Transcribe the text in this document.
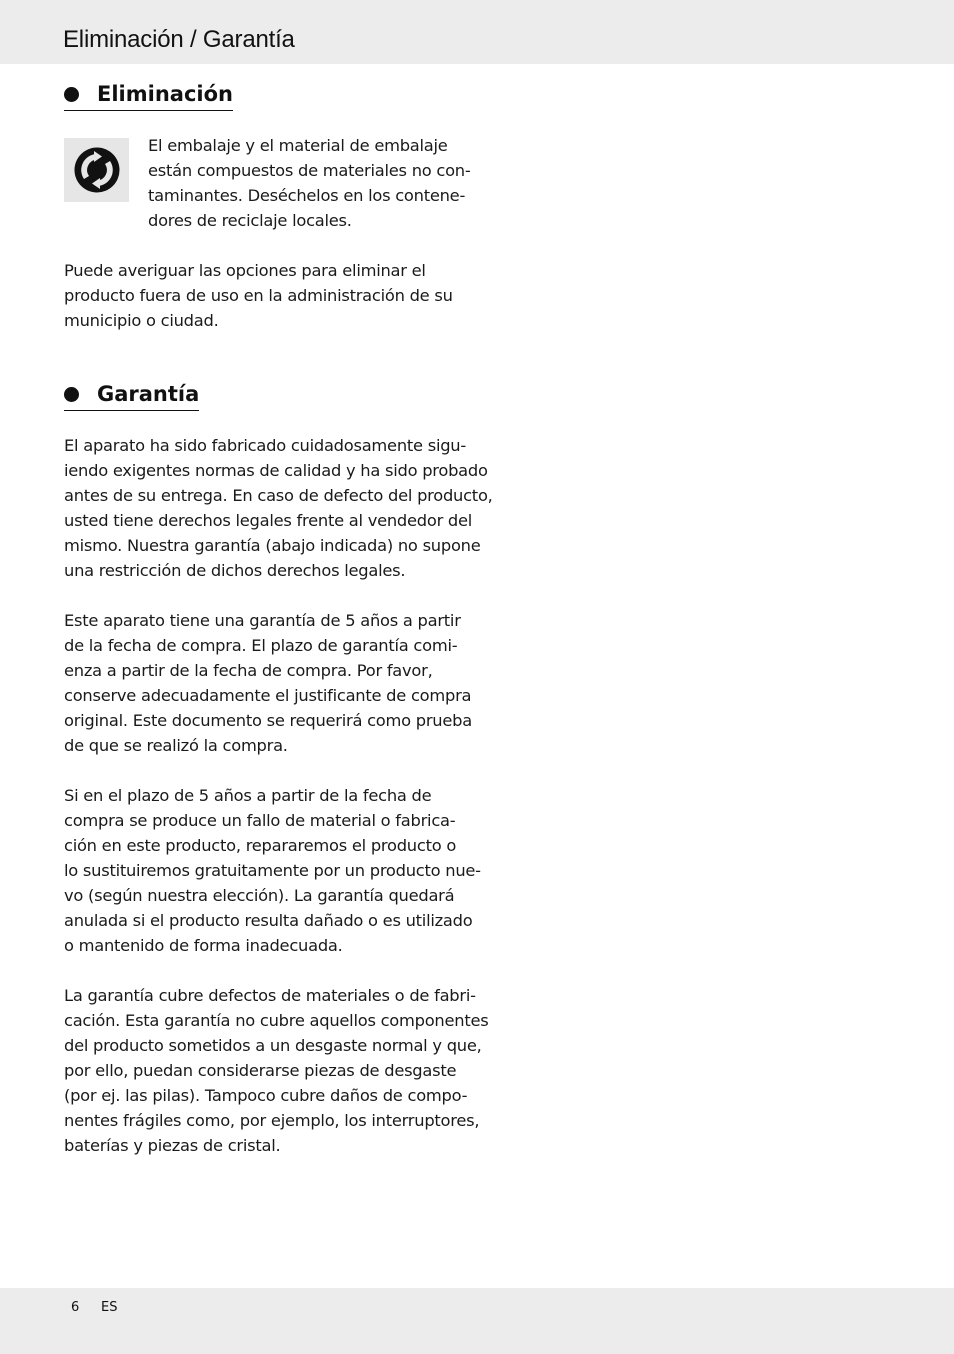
Eliminación / Garantía
Eliminación
El embalaje y el material de embalaje
están compuestos de materiales no con-
taminantes. Deséchelos en los contene-
dores de reciclaje locales.
Puede averiguar las opciones para eliminar el
producto fuera de uso en la administración de su
municipio o ciudad.
Garantía
El aparato ha sido fabricado cuidadosamente sigu-
iendo exigentes normas de calidad y ha sido probado
antes de su entrega. En caso de defecto del producto,
usted tiene derechos legales frente al vendedor del
mismo. Nuestra garantía (abajo indicada) no supone
una restricción de dichos derechos legales.
Este aparato tiene una garantía de 5 años a partir
de la fecha de compra. El plazo de garantía comi-
enza a partir de la fecha de compra. Por favor,
conserve adecuadamente el justificante de compra
original. Este documento se requerirá como prueba
de que se realizó la compra.
Si en el plazo de 5 años a partir de la fecha de
compra se produce un fallo de material o fabrica-
ción en este producto, repararemos el producto o
lo sustituiremos gratuitamente por un producto nue-
vo (según nuestra elección). La garantía quedará
anulada si el producto resulta dañado o es utilizado
o mantenido de forma inadecuada.
La garantía cubre defectos de materiales o de fabri-
cación. Esta garantía no cubre aquellos componentes
del producto sometidos a un desgaste normal y que,
por ello, puedan considerarse piezas de desgaste
(por ej. las pilas). Tampoco cubre daños de compo-
nentes frágiles como, por ejemplo, los interruptores,
baterías y piezas de cristal.
6 ES
